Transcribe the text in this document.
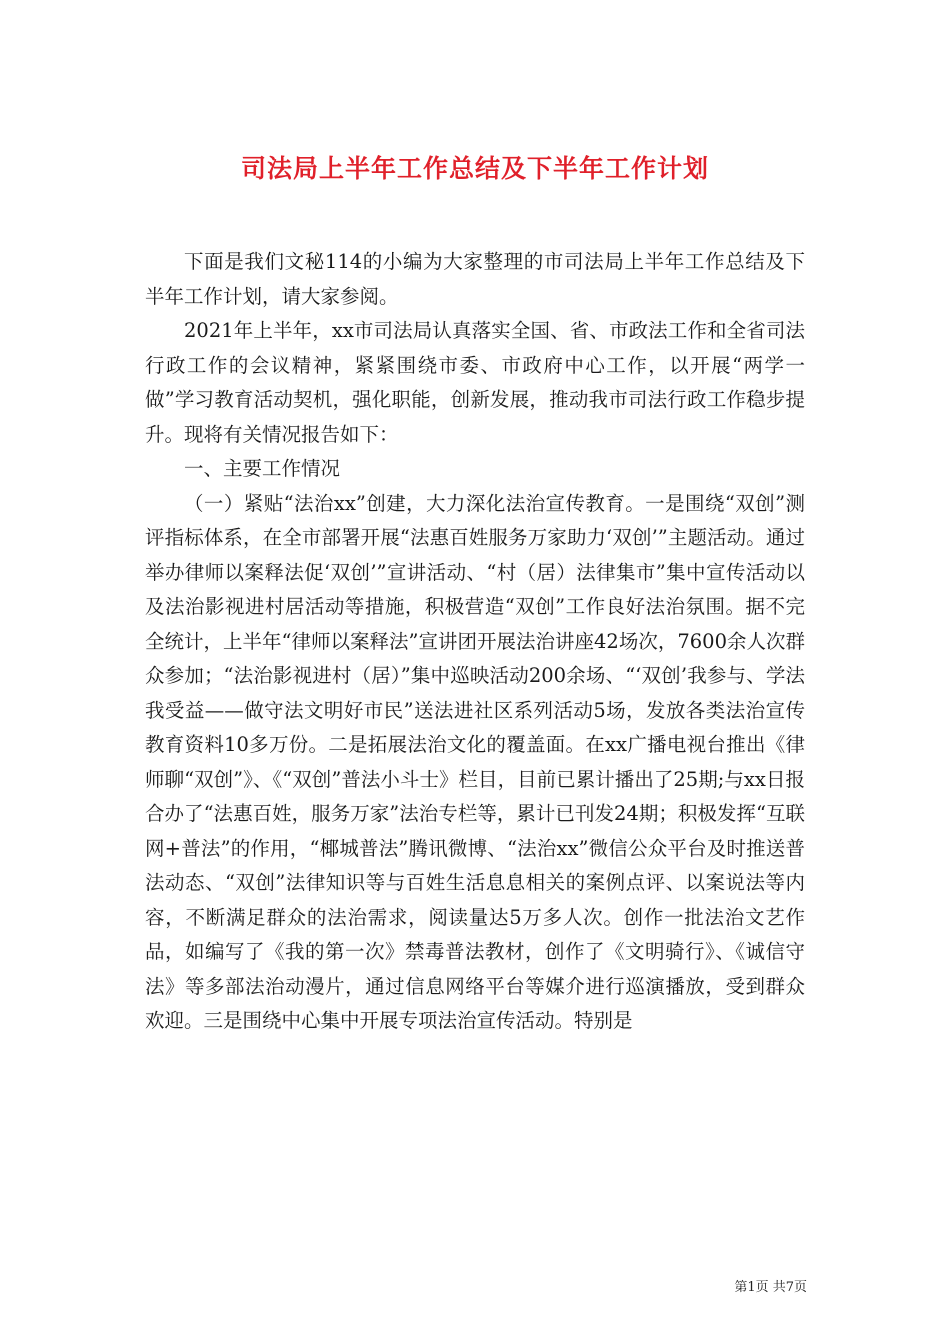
司法局上半年工作总结及下半年工作计划

下面是我们文秘114的小编为大家整理的市司法局上半年工作总结及下半年工作计划，请大家参阅。

2021年上半年，xx市司法局认真落实全国、省、市政法工作和全省司法行政工作的会议精神，紧紧围绕市委、市政府中心工作，以开展“两学一做”学习教育活动契机，强化职能，创新发展，推动我市司法行政工作稳步提升。现将有关情况报告如下：

一、主要工作情况

（一）紧贴“法治xx”创建，大力深化法治宣传教育。一是围绕“双创”测评指标体系，在全市部署开展“法惠百姓服务万家助力‘双创’”主题活动。通过举办律师以案释法促‘双创’”宣讲活动、“村（居）法律集市”集中宣传活动以及法治影视进村居活动等措施，积极营造“双创”工作良好法治氛围。据不完全统计，上半年“律师以案释法”宣讲团开展法治讲座42场次，7600余人次群众参加；“法治影视进村（居）”集中巡映活动200余场、“‘双创’我参与、学法我受益——做守法文明好市民”送法进社区系列活动5场，发放各类法治宣传教育资料10多万份。二是拓展法治文化的覆盖面。在xx广播电视台推出《律师聊“双创”》、《“双创”普法小斗士》栏目，目前已累计播出了25期;与xx日报合办了“法惠百姓，服务万家”法治专栏等，累计已刊发24期；积极发挥“互联网+普法”的作用，“椰城普法”腾讯微博、“法治xx”微信公众平台及时推送普法动态、“双创”法律知识等与百姓生活息息相关的案例点评、以案说法等内容，不断满足群众的法治需求，阅读量达5万多人次。创作一批法治文艺作品，如编写了《我的第一次》禁毒普法教材，创作了《文明骑行》、《诚信守法》等多部法治动漫片，通过信息网络平台等媒介进行巡演播放，受到群众欢迎。三是围绕中心集中开展专项法治宣传活动。特别是

第1页 共7页
